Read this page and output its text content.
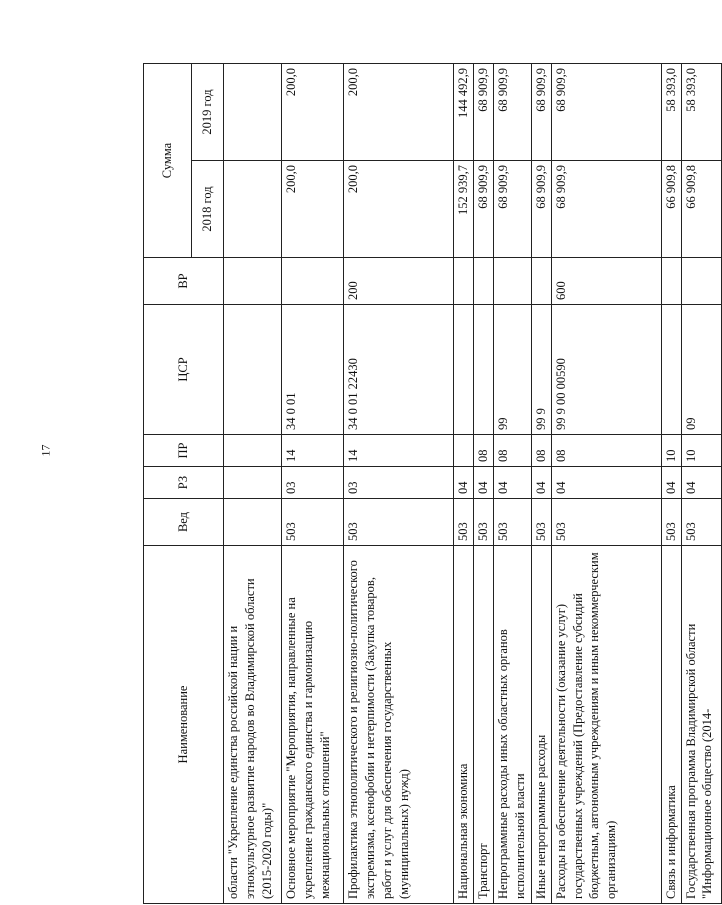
17
Наименование	Вед	РЗ	ПР	ЦСР	ВР	Сумма	
						2018 год	2019 год
области "Укрепление единства российской нации и этнокультурное развитие народов во Владимирской области (2015-2020 годы)"							
Основное мероприятие "Мероприятия, направленные на укрепление гражданского единства и гармонизацию межнациональных отношений"	503	03	14	34 0 01		200,0	200,0
Профилактика этнополитического и религиозно-политического экстремизма, ксенофобии и нетерпимости (Закупка товаров, работ и услуг для обеспечения государственных (муниципальных) нужд)	503	03	14	34 0 01 22430	200	200,0	200,0
Национальная экономика	503	04				152 939,7	144 492,9
Транспорт	503	04	08			68 909,9	68 909,9
Непрограммные расходы иных областных органов исполнительной власти	503	04	08	99		68 909,9	68 909,9
Иные непрограммные расходы	503	04	08	99 9		68 909,9	68 909,9
Расходы на обеспечение деятельности (оказание услуг) государственных учреждений (Предоставление субсидий бюджетным, автономным учреждениям и иным некоммерческим организациям)	503	04	08	99 9 00 00590	600	68 909,9	68 909,9
Связь и информатика	503	04	10			66 909,8	58 393,0
Государственная программа Владимирской области "Информационное общество (2014-	503	04	10	09		66 909,8	58 393,0
